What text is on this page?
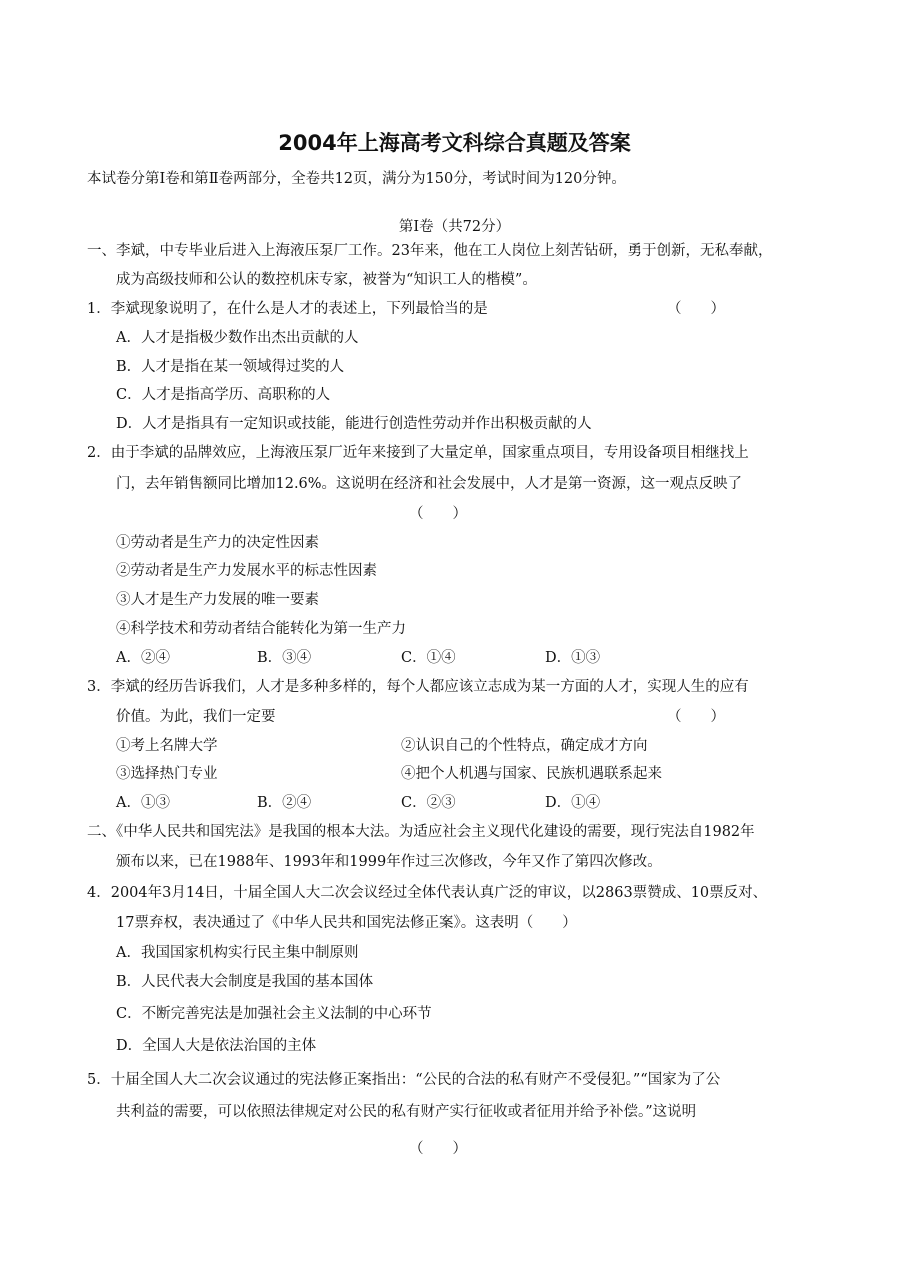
2004年上海高考文科综合真题及答案
本试卷分第Ⅰ卷和第Ⅱ卷两部分，全卷共12页，满分为150分，考试时间为120分钟。
第Ⅰ卷（共72分）
一、李斌，中专毕业后进入上海液压泵厂工作。23年来，他在工人岗位上刻苦钻研，勇于创新，无私奉献，
成为高级技师和公认的数控机床专家，被誉为“知识工人的楷模”。
1．李斌现象说明了，在什么是人才的表述上，下列最恰当的是	（　　）
A．人才是指极少数作出杰出贡献的人
B．人才是指在某一领域得过奖的人
C．人才是指高学历、高职称的人
D．人才是指具有一定知识或技能，能进行创造性劳动并作出积极贡献的人
2．由于李斌的品牌效应，上海液压泵厂近年来接到了大量定单，国家重点项目，专用设备项目相继找上
门，去年销售额同比增加12.6%。这说明在经济和社会发展中，人才是第一资源，这一观点反映了
（　　）
①劳动者是生产力的决定性因素
②劳动者是生产力发展水平的标志性因素
③人才是生产力发展的唯一要素
④科学技术和劳动者结合能转化为第一生产力
A．②④	B．③④	C．①④	D．①③
3．李斌的经历告诉我们，人才是多种多样的，每个人都应该立志成为某一方面的人才，实现人生的应有
价值。为此，我们一定要	（　　）
①考上名牌大学	②认识自己的个性特点，确定成才方向
③选择热门专业	④把个人机遇与国家、民族机遇联系起来
A．①③	B．②④	C．②③	D．①④
二、《中华人民共和国宪法》是我国的根本大法。为适应社会主义现代化建设的需要，现行宪法自1982年
颁布以来，已在1988年、1993年和1999年作过三次修改，今年又作了第四次修改。
4．2004年3月14日，十届全国人大二次会议经过全体代表认真广泛的审议，以2863票赞成、10票反对、
17票弃权，表决通过了《中华人民共和国宪法修正案》。这表明（　　）
A．我国国家机构实行民主集中制原则
B．人民代表大会制度是我国的基本国体
C．不断完善宪法是加强社会主义法制的中心环节
D．全国人大是依法治国的主体
5．十届全国人大二次会议通过的宪法修正案指出：“公民的合法的私有财产不受侵犯。”“国家为了公
共利益的需要，可以依照法律规定对公民的私有财产实行征收或者征用并给予补偿。”这说明
（　　）
